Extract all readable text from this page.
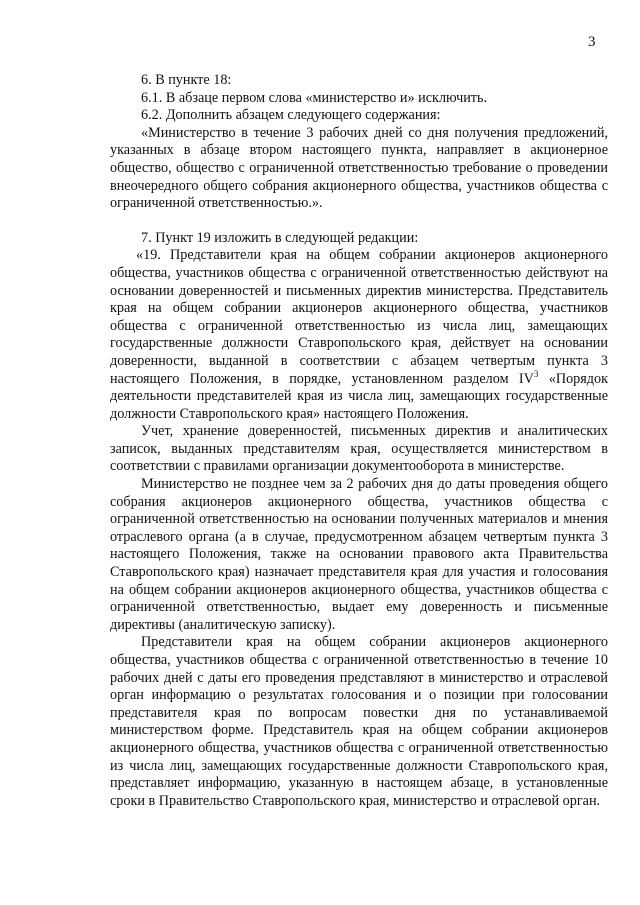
3

6. В пункте 18:

6.1. В абзаце первом слова «министерство и» исключить.

6.2. Дополнить абзацем следующего содержания:

«Министерство в течение 3 рабочих дней со дня получения предложений, указанных в абзаце втором настоящего пункта, направляет в акционерное общество, общество с ограниченной ответственностью требование о проведении внеочередного общего собрания акционерного общества, участников общества с ограниченной ответственностью.».

7. Пункт 19 изложить в следующей редакции:

«19. Представители края на общем собрании акционеров акционерного общества, участников общества с ограниченной ответственностью действуют на основании доверенностей и письменных директив министерства. Представитель края на общем собрании акционеров акционерного общества, участников общества с ограниченной ответственностью из числа лиц, замещающих государственные должности Ставропольского края, действует на основании доверенности, выданной в соответствии с абзацем четвертым пункта 3 настоящего Положения, в порядке, установленном разделом $IV^3$ «Порядок деятельности представителей края из числа лиц, замещающих государственные должности Ставропольского края» настоящего Положения.

Учет, хранение доверенностей, письменных директив и аналитических записок, выданных представителям края, осуществляется министерством в соответствии с правилами организации документооборота в министерстве.

Министерство не позднее чем за 2 рабочих дня до даты проведения общего собрания акционеров акционерного общества, участников общества с ограниченной ответственностью на основании полученных материалов и мнения отраслевого органа (а в случае, предусмотренном абзацем четвертым пункта 3 настоящего Положения, также на основании правового акта Правительства Ставропольского края) назначает представителя края для участия и голосования на общем собрании акционеров акционерного общества, участников общества с ограниченной ответственностью, выдает ему доверенность и письменные директивы (аналитическую записку).

Представители края на общем собрании акционеров акционерного общества, участников общества с ограниченной ответственностью в течение 10 рабочих дней с даты его проведения представляют в министерство и отраслевой орган информацию о результатах голосования и о позиции при голосовании представителя края по вопросам повестки дня по устанавливаемой министерством форме. Представитель края на общем собрании акционеров акционерного общества, участников общества с ограниченной ответственностью из числа лиц, замещающих государственные должности Ставропольского края, представляет информацию, указанную в настоящем абзаце, в установленные сроки в Правительство Ставропольского края, министерство и отраслевой орган.
